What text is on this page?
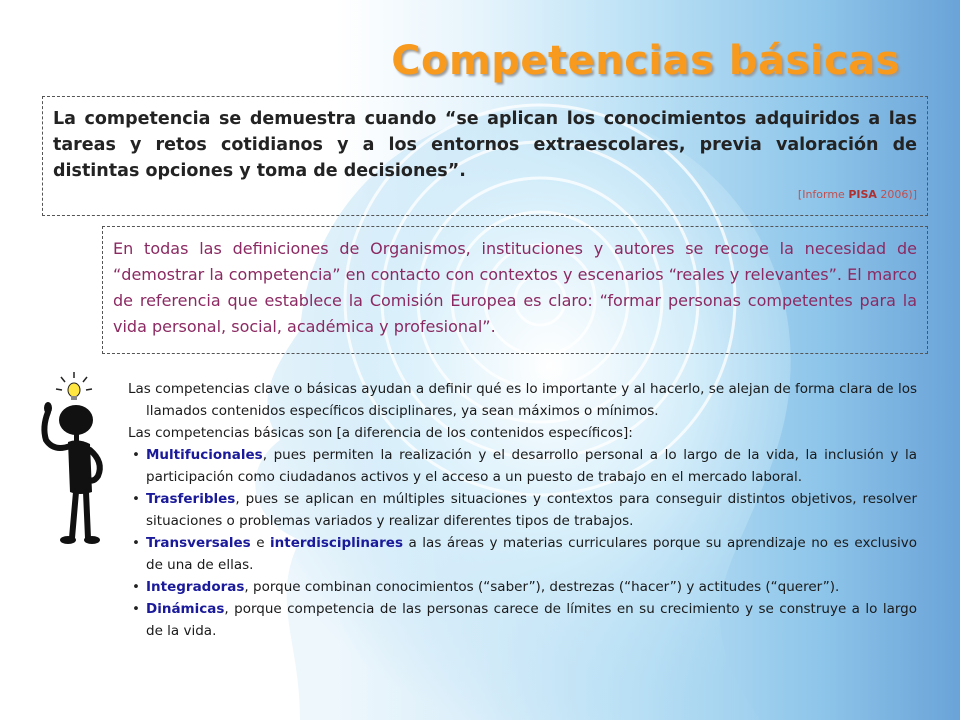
Competencias básicas

La competencia se demuestra cuando “se aplican los conocimientos adquiridos a las tareas y retos cotidianos y a los entornos extraescolares, previa valoración de distintas opciones y toma de decisiones”.

[Informe PISA 2006)]

En todas las definiciones de Organismos, instituciones y autores se recoge la necesidad de “demostrar la competencia” en contacto con contextos y escenarios “reales y relevantes”. El marco de referencia que establece la Comisión Europea es claro: “formar personas competentes para la vida personal, social, académica y profesional”.

Las competencias clave o básicas ayudan a definir qué es lo importante y al hacerlo, se alejan de forma clara de los llamados contenidos específicos disciplinares, ya sean máximos o mínimos.

Las competencias básicas son [a diferencia de los contenidos específicos]:

• Multifucionales, pues permiten la realización y el desarrollo personal a lo largo de la vida, la inclusión y la participación como ciudadanos activos y el acceso a un puesto de trabajo en el mercado laboral.
• Trasferibles, pues se aplican en múltiples situaciones y contextos para conseguir distintos objetivos, resolver situaciones o problemas variados y realizar diferentes tipos de trabajos.
• Transversales e interdisciplinares a las áreas y materias curriculares porque su aprendizaje no es exclusivo de una de ellas.
• Integradoras, porque combinan conocimientos (“saber”), destrezas (“hacer”) y actitudes (“querer”).
• Dinámicas, porque competencia de las personas carece de límites en su crecimiento y se construye a lo largo de la vida.
